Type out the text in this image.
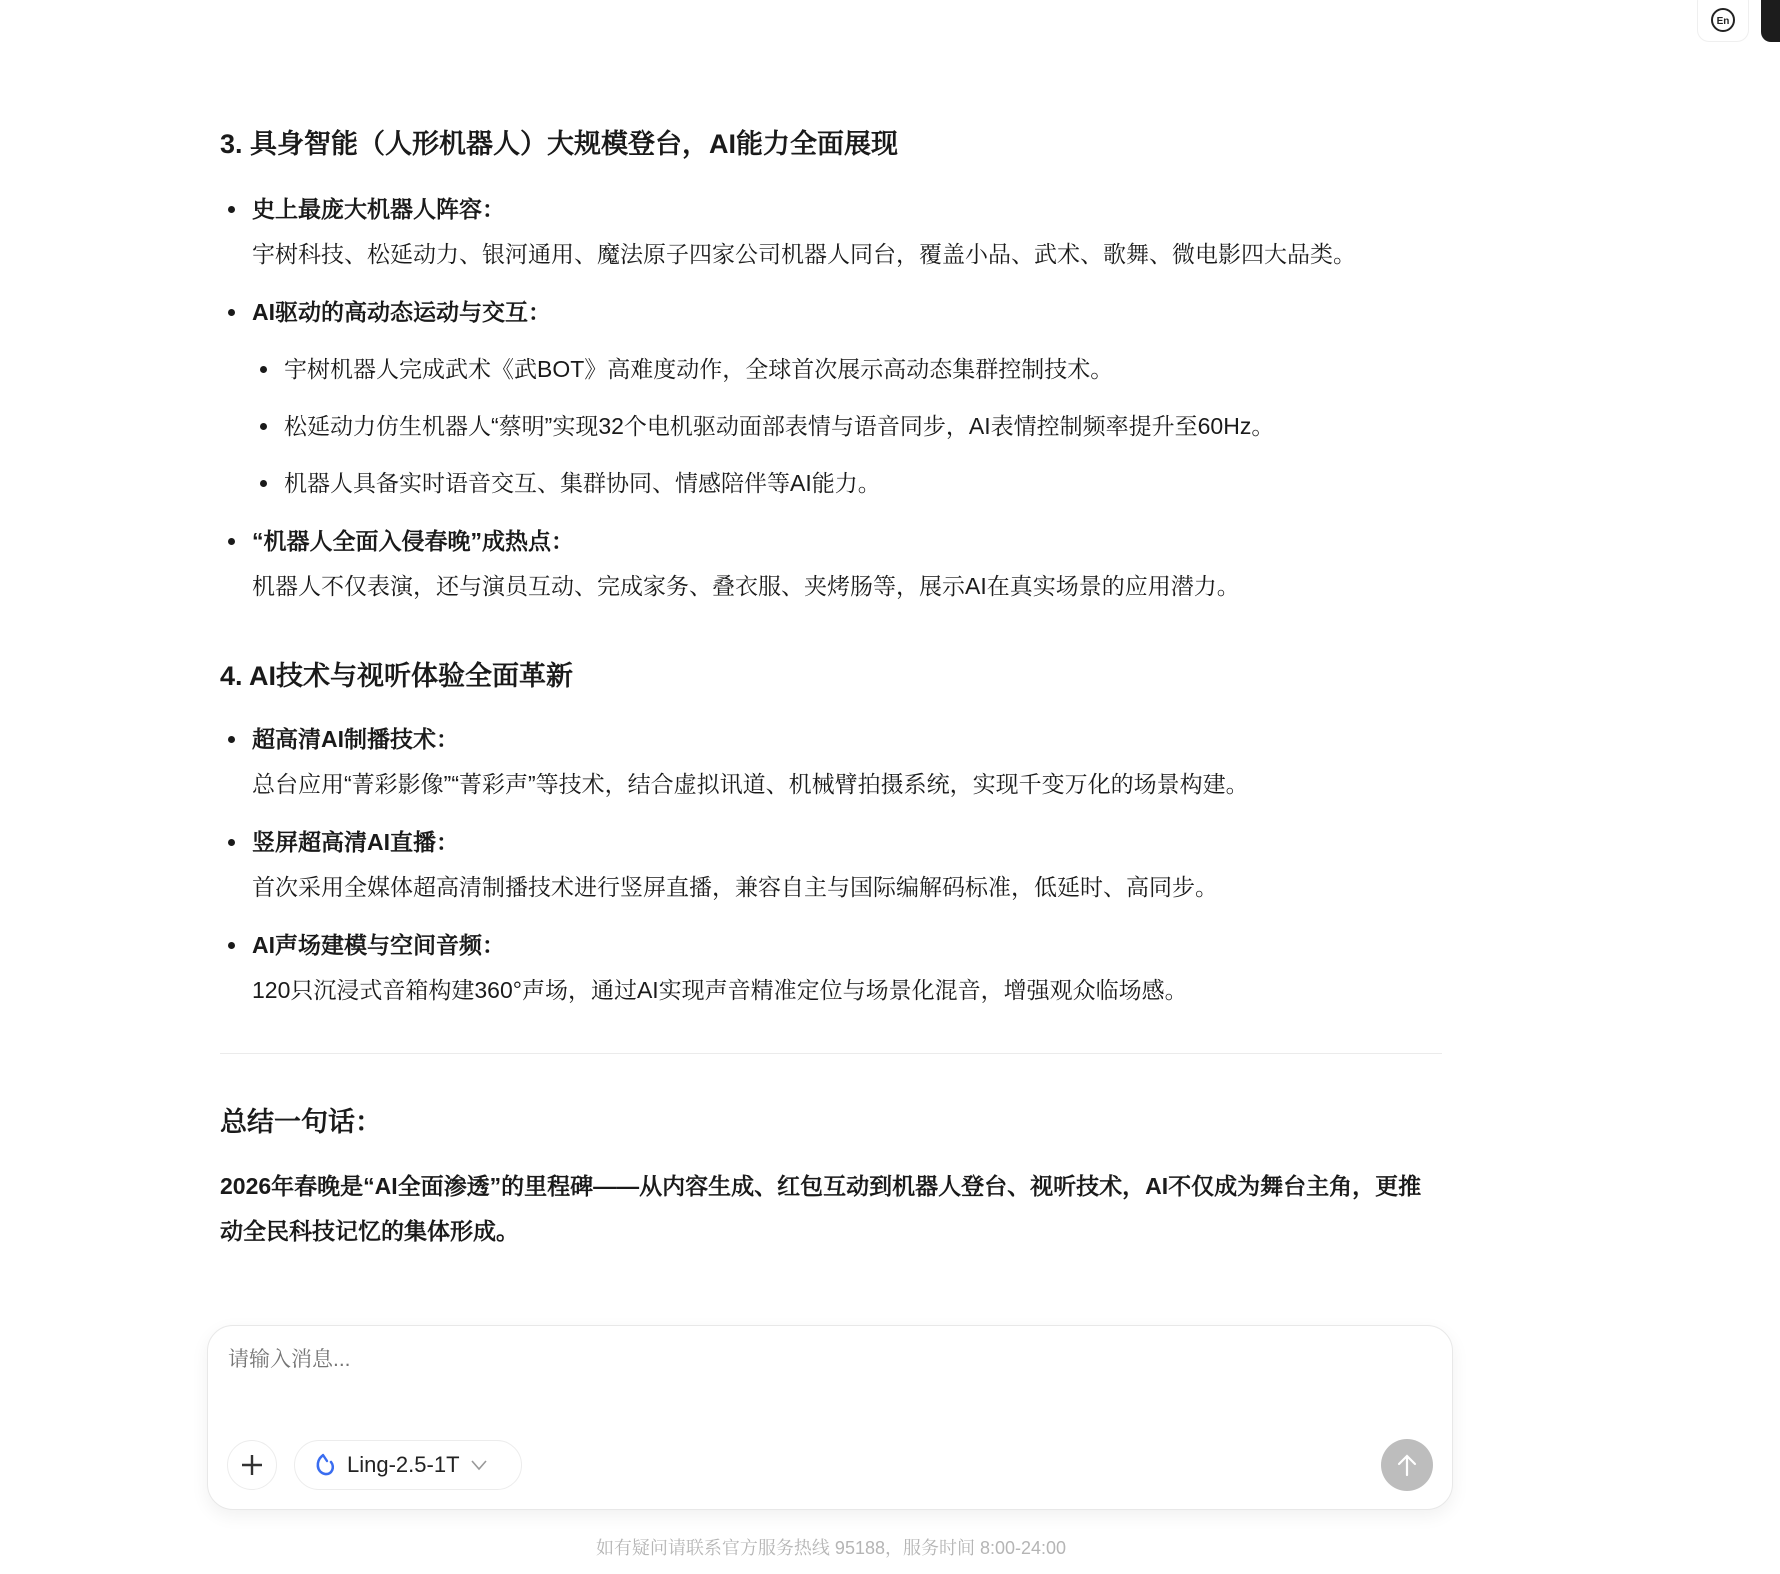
En
3. 具身智能（人形机器人）大规模登台，AI能力全面展现
史上最庞大机器人阵容：
宇树科技、松延动力、银河通用、魔法原子四家公司机器人同台，覆盖小品、武术、歌舞、微电影四大品类。
AI驱动的高动态运动与交互：
宇树机器人完成武术《武BOT》高难度动作，全球首次展示高动态集群控制技术。
松延动力仿生机器人“蔡明”实现32个电机驱动面部表情与语音同步，AI表情控制频率提升至60Hz。
机器人具备实时语音交互、集群协同、情感陪伴等AI能力。
“机器人全面入侵春晚”成热点：
机器人不仅表演，还与演员互动、完成家务、叠衣服、夹烤肠等，展示AI在真实场景的应用潜力。
4. AI技术与视听体验全面革新
超高清AI制播技术：
总台应用“菁彩影像”“菁彩声”等技术，结合虚拟讯道、机械臂拍摄系统，实现千变万化的场景构建。
竖屏超高清AI直播：
首次采用全媒体超高清制播技术进行竖屏直播，兼容自主与国际编解码标准，低延时、高同步。
AI声场建模与空间音频：
120只沉浸式音箱构建360°声场，通过AI实现声音精准定位与场景化混音，增强观众临场感。
总结一句话：
2026年春晚是“AI全面渗透”的里程碑——从内容生成、红包互动到机器人登台、视听技术，AI不仅成为舞台主角，更推动全民科技记忆的集体形成。
请输入消息...
Ling-2.5-1T
如有疑问请联系官方服务热线 95188，服务时间 8:00-24:00
